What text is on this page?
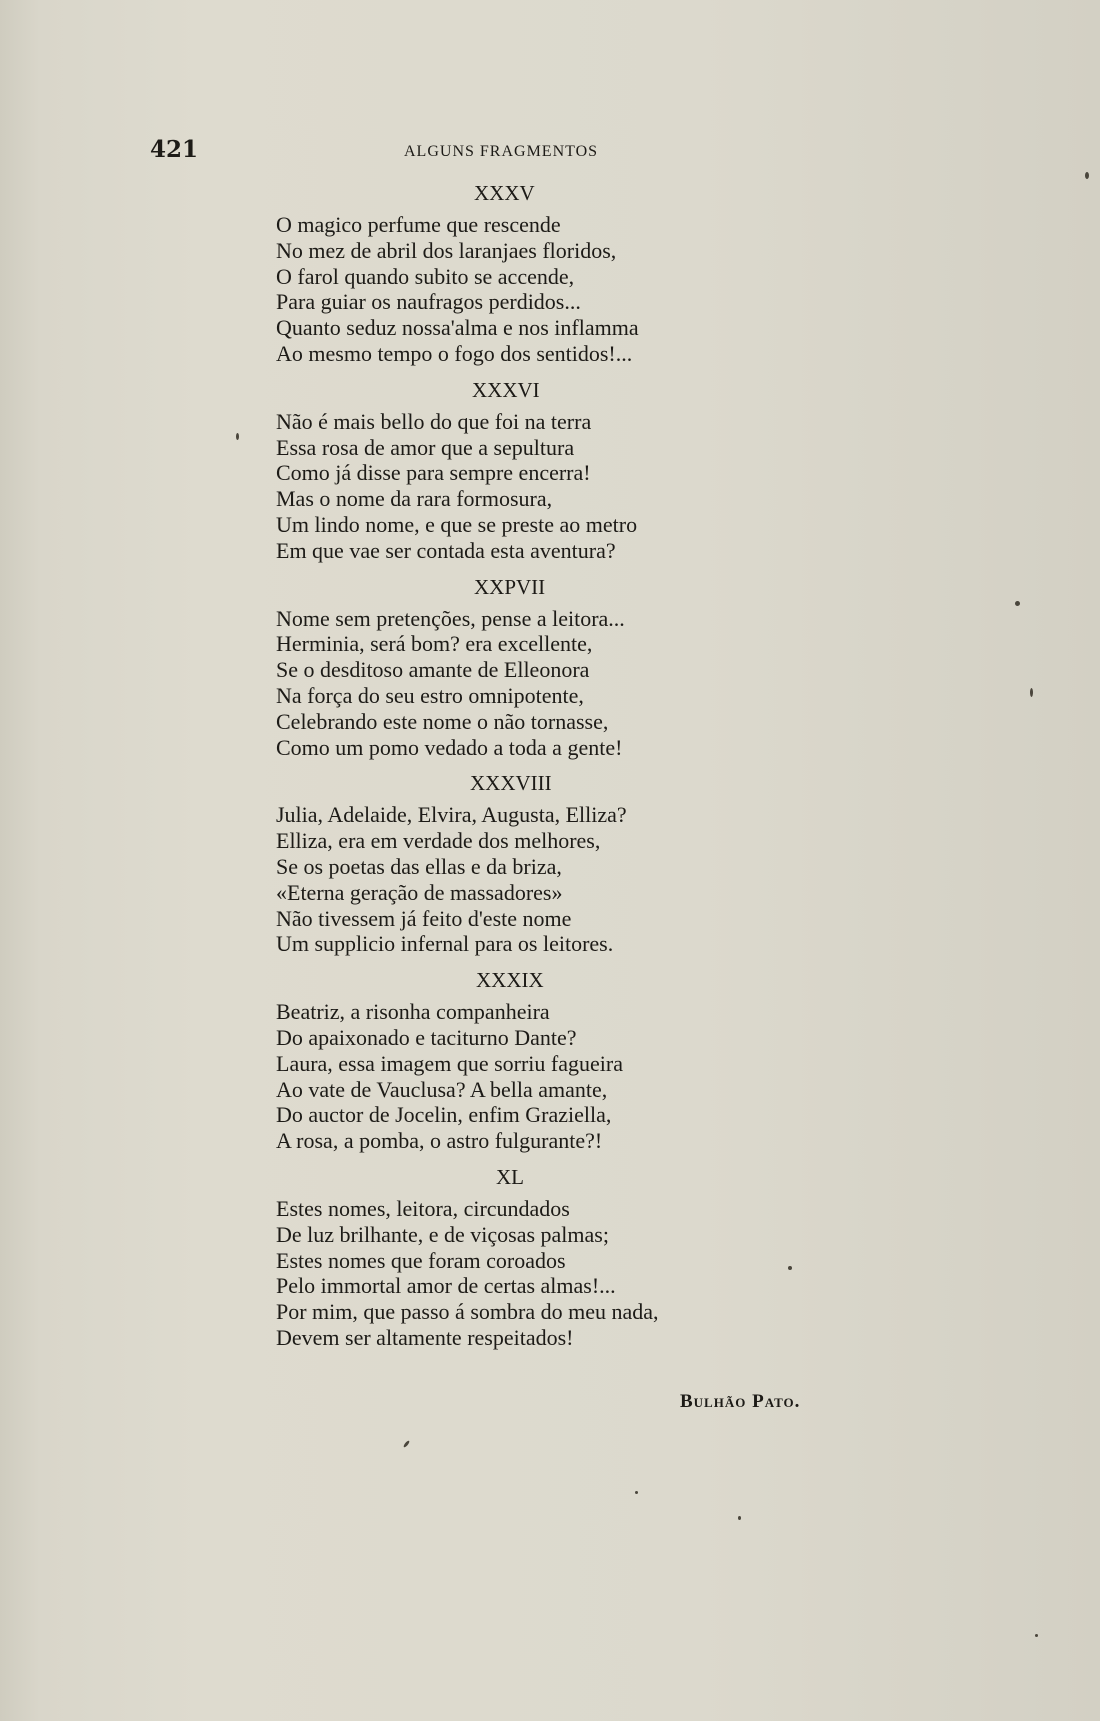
421	ALGUNS FRAGMENTOS
XXXV
O magico perfume que rescende
No mez de abril dos laranjaes floridos,
O farol quando subito se accende,
Para guiar os naufragos perdidos...
Quanto seduz nossa'alma e nos inflamma
Ao mesmo tempo o fogo dos sentidos!...
XXXVI
Não é mais bello do que foi na terra
Essa rosa de amor que a sepultura
Como já disse para sempre encerra!
Mas o nome da rara formosura,
Um lindo nome, e que se preste ao metro
Em que vae ser contada esta aventura?
XXPVII
Nome sem pretenções, pense a leitora...
Herminia, será bom? era excellente,
Se o desditoso amante de Elleonora
Na força do seu estro omnipotente,
Celebrando este nome o não tornasse,
Como um pomo vedado a toda a gente!
XXXVIII
Julia, Adelaide, Elvira, Augusta, Elliza?
Elliza, era em verdade dos melhores,
Se os poetas das ellas e da briza,
«Eterna geração de massadores»
Não tivessem já feito d'este nome
Um supplicio infernal para os leitores.
XXXIX
Beatriz, a risonha companheira
Do apaixonado e taciturno Dante?
Laura, essa imagem que sorriu fagueira
Ao vate de Vauclusa? A bella amante,
Do auctor de Jocelin, enfim Graziella,
A rosa, a pomba, o astro fulgurante?!
XL
Estes nomes, leitora, circundados
De luz brilhante, e de viçosas palmas;
Estes nomes que foram coroados
Pelo immortal amor de certas almas!...
Por mim, que passo á sombra do meu nada,
Devem ser altamente respeitados!
Bulhão Pato.
